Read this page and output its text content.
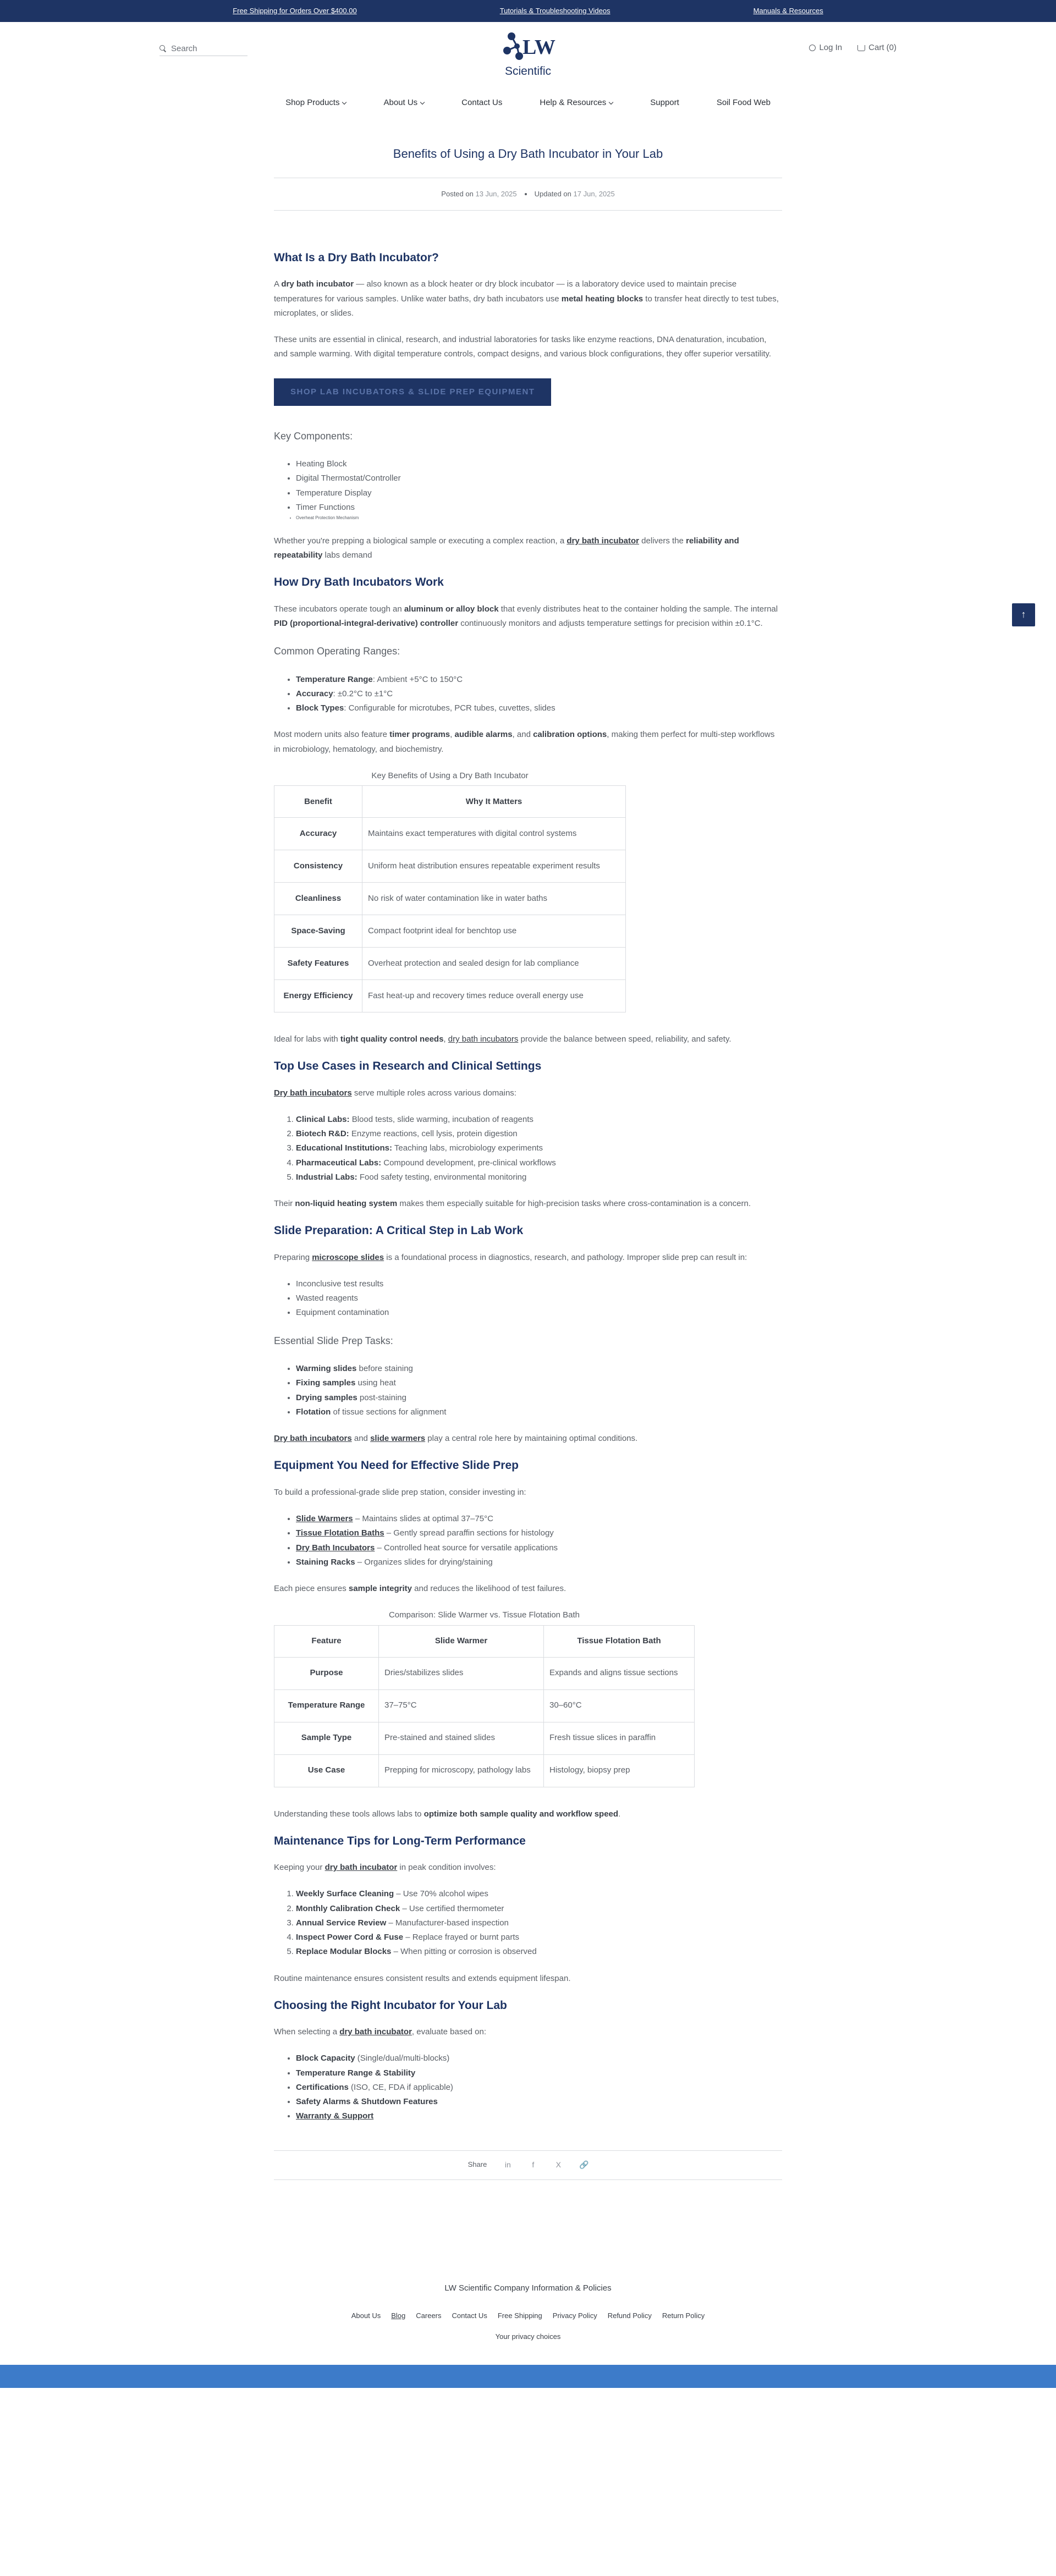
Free Shipping for Orders Over $400.00	Tutorials & Troubleshooting Videos	Manuals & Resources
Search
LW
Scientific
Log In	Cart (0)
Shop Products	About Us	Contact Us	Help & Resources	Support	Soil Food Web
↑
Benefits of Using a Dry Bath Incubator in Your Lab
Posted on 13 Jun, 2025 Updated on 17 Jun, 2025
What Is a Dry Bath Incubator?

A dry bath incubator — also known as a block heater or dry block incubator — is a laboratory device used to maintain precise temperatures for various samples. Unlike water baths, dry bath incubators use metal heating blocks to transfer heat directly to test tubes, microplates, or slides.

These units are essential in clinical, research, and industrial laboratories for tasks like enzyme reactions, DNA denaturation, incubation, and sample warming. With digital temperature controls, compact designs, and various block configurations, they offer superior versatility.

SHOP LAB INCUBATORS & SLIDE PREP EQUIPMENT
Key Components:
• Heating Block
• Digital Thermostat/Controller
• Temperature Display
• Timer Functions
• Overheat Protection Mechanism

Whether you're prepping a biological sample or executing a complex reaction, a dry bath incubator delivers the reliability and repeatability labs demand

How Dry Bath Incubators Work

These incubators operate tough an aluminum or alloy block that evenly distributes heat to the container holding the sample. The internal PID (proportional-integral-derivative) controller continuously monitors and adjusts temperature settings for precision within ±0.1°C.

Common Operating Ranges:
• Temperature Range: Ambient +5°C to 150°C
• Accuracy: ±0.2°C to ±1°C
• Block Types: Configurable for microtubes, PCR tubes, cuvettes, slides

Most modern units also feature timer programs, audible alarms, and calibration options, making them perfect for multi-step workflows in microbiology, hematology, and biochemistry.

Key Benefits of Using a Dry Bath Incubator
Benefit	Why It Matters
Accuracy	Maintains exact temperatures with digital control systems
Consistency	Uniform heat distribution ensures repeatable experiment results
Cleanliness	No risk of water contamination like in water baths
Space-Saving	Compact footprint ideal for benchtop use
Safety Features	Overheat protection and sealed design for lab compliance
Energy Efficiency	Fast heat-up and recovery times reduce overall energy use

Ideal for labs with tight quality control needs, dry bath incubators provide the balance between speed, reliability, and safety.

Top Use Cases in Research and Clinical Settings

Dry bath incubators serve multiple roles across various domains:

1. Clinical Labs: Blood tests, slide warming, incubation of reagents
2. Biotech R&D: Enzyme reactions, cell lysis, protein digestion
3. Educational Institutions: Teaching labs, microbiology experiments
4. Pharmaceutical Labs: Compound development, pre-clinical workflows
5. Industrial Labs: Food safety testing, environmental monitoring

Their non-liquid heating system makes them especially suitable for high-precision tasks where cross-contamination is a concern.

Slide Preparation: A Critical Step in Lab Work

Preparing microscope slides is a foundational process in diagnostics, research, and pathology. Improper slide prep can result in:

• Inconclusive test results
• Wasted reagents
• Equipment contamination
Essential Slide Prep Tasks:
• Warming slides before staining
• Fixing samples using heat
• Drying samples post-staining
• Flotation of tissue sections for alignment

Dry bath incubators and slide warmers play a central role here by maintaining optimal conditions.

Equipment You Need for Effective Slide Prep

To build a professional-grade slide prep station, consider investing in:

• Slide Warmers – Maintains slides at optimal 37–75°C
• Tissue Flotation Baths – Gently spread paraffin sections for histology
• Dry Bath Incubators – Controlled heat source for versatile applications
• Staining Racks – Organizes slides for drying/staining

Each piece ensures sample integrity and reduces the likelihood of test failures.

Comparison: Slide Warmer vs. Tissue Flotation Bath
Feature	Slide Warmer	Tissue Flotation Bath
Purpose	Dries/stabilizes slides	Expands and aligns tissue sections
Temperature Range	37–75°C	30–60°C
Sample Type	Pre-stained and stained slides	Fresh tissue slices in paraffin
Use Case	Prepping for microscopy, pathology labs	Histology, biopsy prep

Understanding these tools allows labs to optimize both sample quality and workflow speed.

Maintenance Tips for Long-Term Performance

Keeping your dry bath incubator in peak condition involves:

1. Weekly Surface Cleaning – Use 70% alcohol wipes
2. Monthly Calibration Check – Use certified thermometer
3. Annual Service Review – Manufacturer-based inspection
4. Inspect Power Cord & Fuse – Replace frayed or burnt parts
5. Replace Modular Blocks – When pitting or corrosion is observed

Routine maintenance ensures consistent results and extends equipment lifespan.

Choosing the Right Incubator for Your Lab

When selecting a dry bath incubator, evaluate based on:

• Block Capacity (Single/dual/multi-blocks)
• Temperature Range & Stability
• Certifications (ISO, CE, FDA if applicable)
• Safety Alarms & Shutdown Features
• Warranty & Support
Share in	f	X 🔗
LW Scientific Company Information & Policies
About Us Blog Careers Contact Us Free Shipping Privacy Policy Refund Policy Return Policy
Your privacy choices
